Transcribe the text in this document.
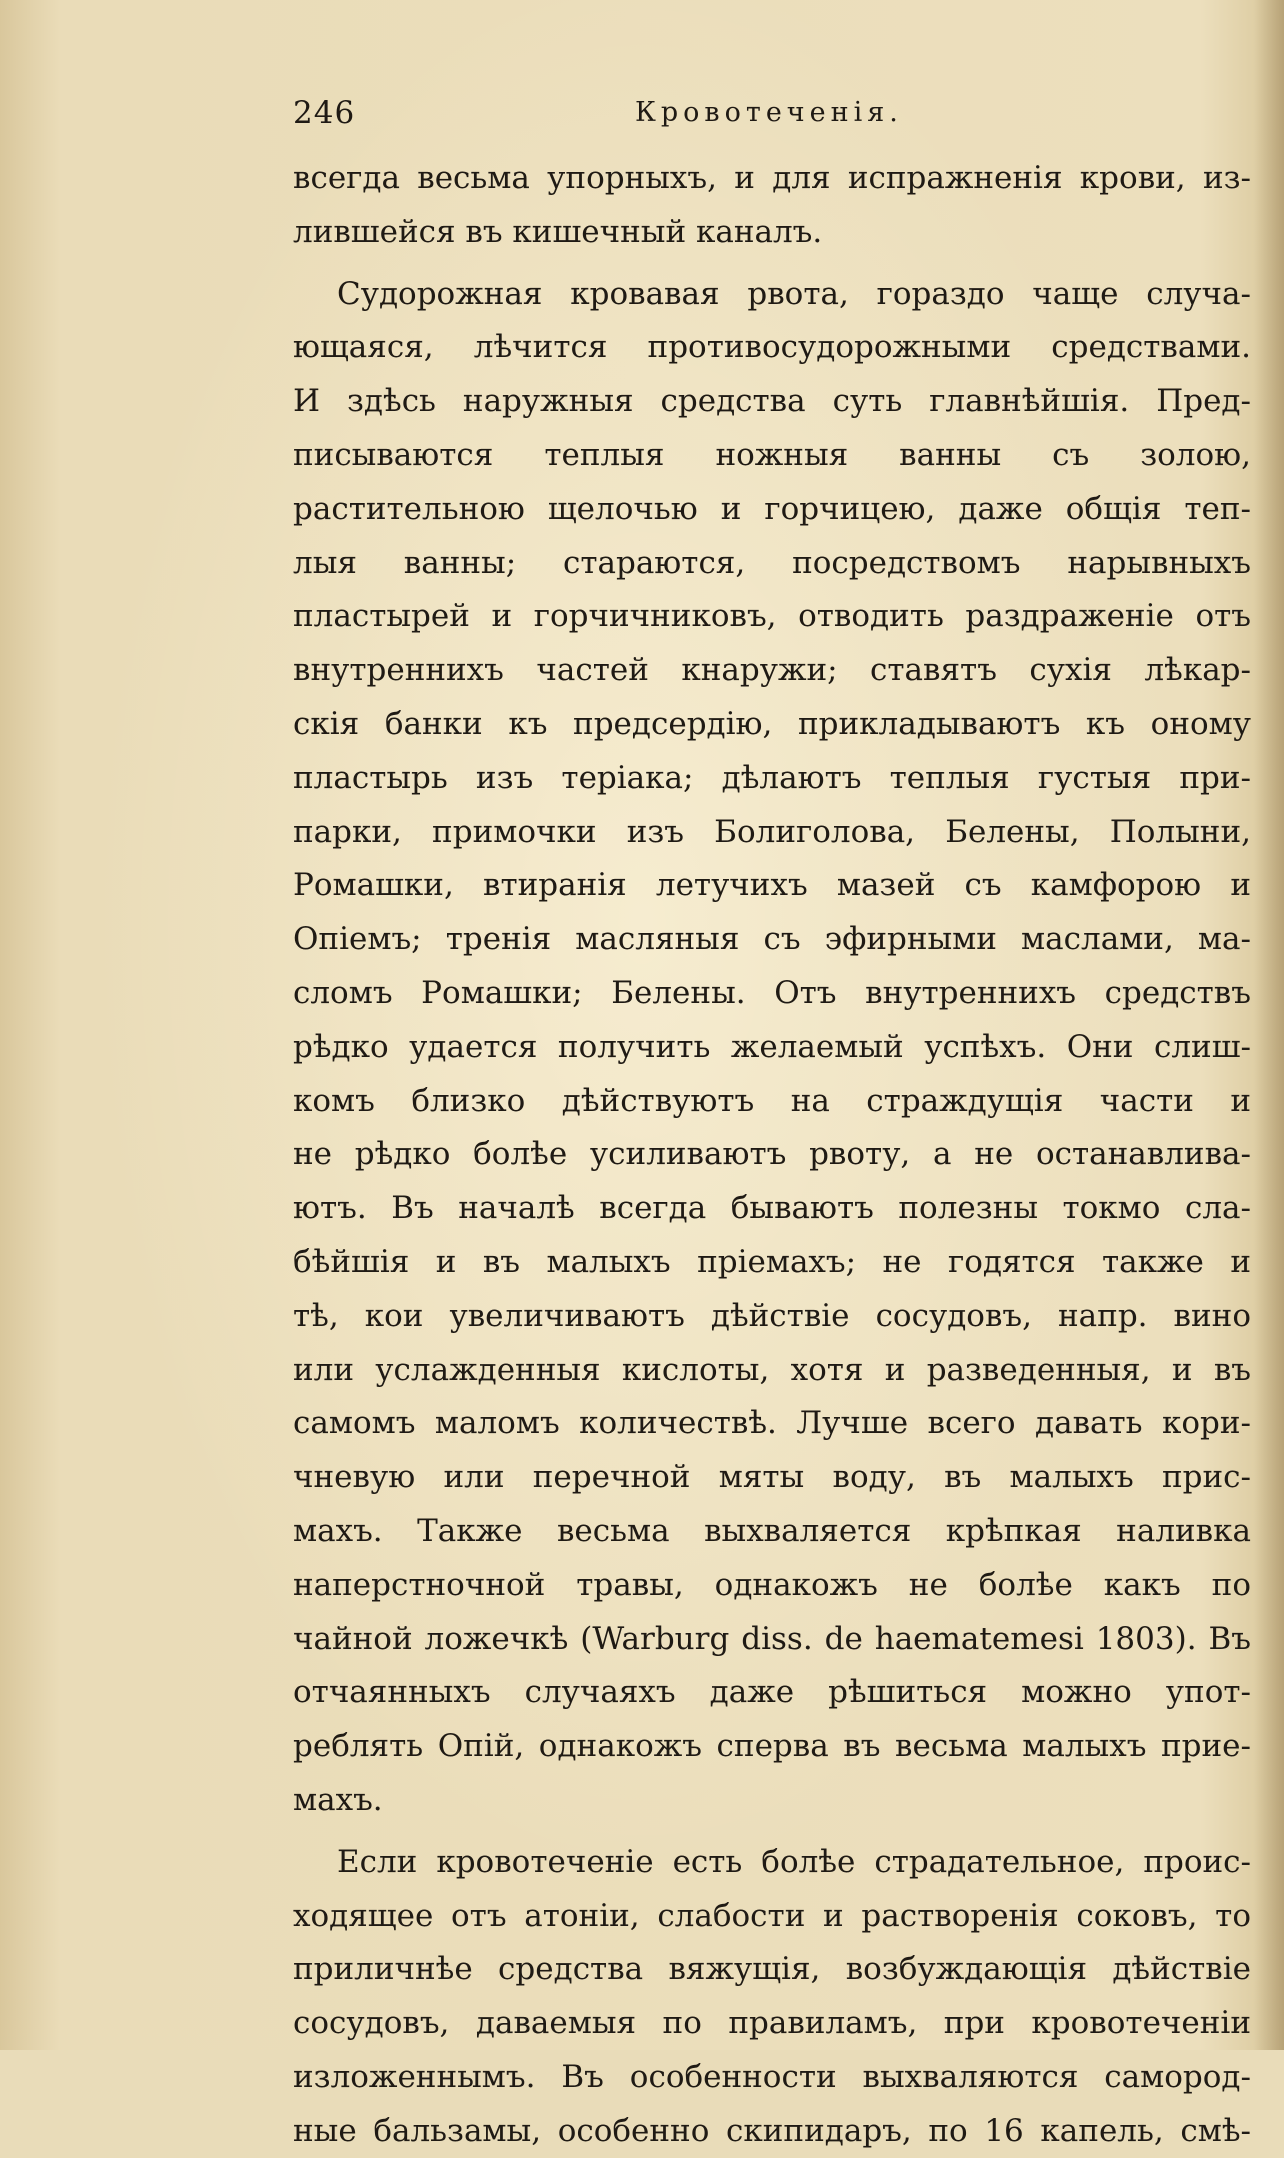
246	Кровотеченія.
всегда весьма упорныхъ, и для испражненія крови, из-
лившейся въ кишечный каналъ.
Судорожная кровавая рвота, гораздо чаще случа-
ющаяся, лѣчится противосудорожными средствами.
И здѣсь наружныя средства суть главнѣйшія. Пред-
писываются теплыя ножныя ванны съ золою,
растительною щелочью и горчицею, даже общія теп-
лыя ванны; стараются, посредствомъ нарывныхъ
пластырей и горчичниковъ, отводить раздраженіе отъ
внутреннихъ частей кнаружи; ставятъ сухія лѣкар-
скія банки къ предсердію, прикладываютъ къ оному
пластырь изъ теріака; дѣлаютъ теплыя густыя при-
парки, примочки изъ Болиголова, Белены, Полыни,
Ромашки, втиранія летучихъ мазей съ камфорою и
Опіемъ; тренія масляныя съ эфирными маслами, ма-
сломъ Ромашки; Белены. Отъ внутреннихъ средствъ
рѣдко удается получить желаемый успѣхъ. Они слиш-
комъ близко дѣйствуютъ на страждущія части и
не рѣдко болѣе усиливаютъ рвоту, а не останавлива-
ютъ. Въ началѣ всегда бываютъ полезны токмо сла-
бѣйшія и въ малыхъ пріемахъ; не годятся также и
тѣ, кои увеличиваютъ дѣйствіе сосудовъ, напр. вино
или услажденныя кислоты, хотя и разведенныя, и въ
самомъ маломъ количествѣ. Лучше всего давать кори-
чневую или перечной мяты воду, въ малыхъ прис-
махъ. Также весьма выхваляется крѣпкая наливка
наперстночной травы, однакожъ не болѣе какъ по
чайной ложечкѣ (Warburg diss. de haematemesi 1803). Въ
отчаянныхъ случаяхъ даже рѣшиться можно упот-
реблять Опій, однакожъ сперва въ весьма малыхъ прие-
махъ.
Если кровотеченіе есть болѣе страдательное, проис-
ходящее отъ атоніи, слабости и растворенія соковъ, то
приличнѣе средства вяжущія, возбуждающія дѣйствіе
сосудовъ, даваемыя по правиламъ, при кровотеченіи
изложеннымъ. Въ особенности выхваляются самород-
ные бальзамы, особенно скипидаръ, по 16 капель, смѣ-
